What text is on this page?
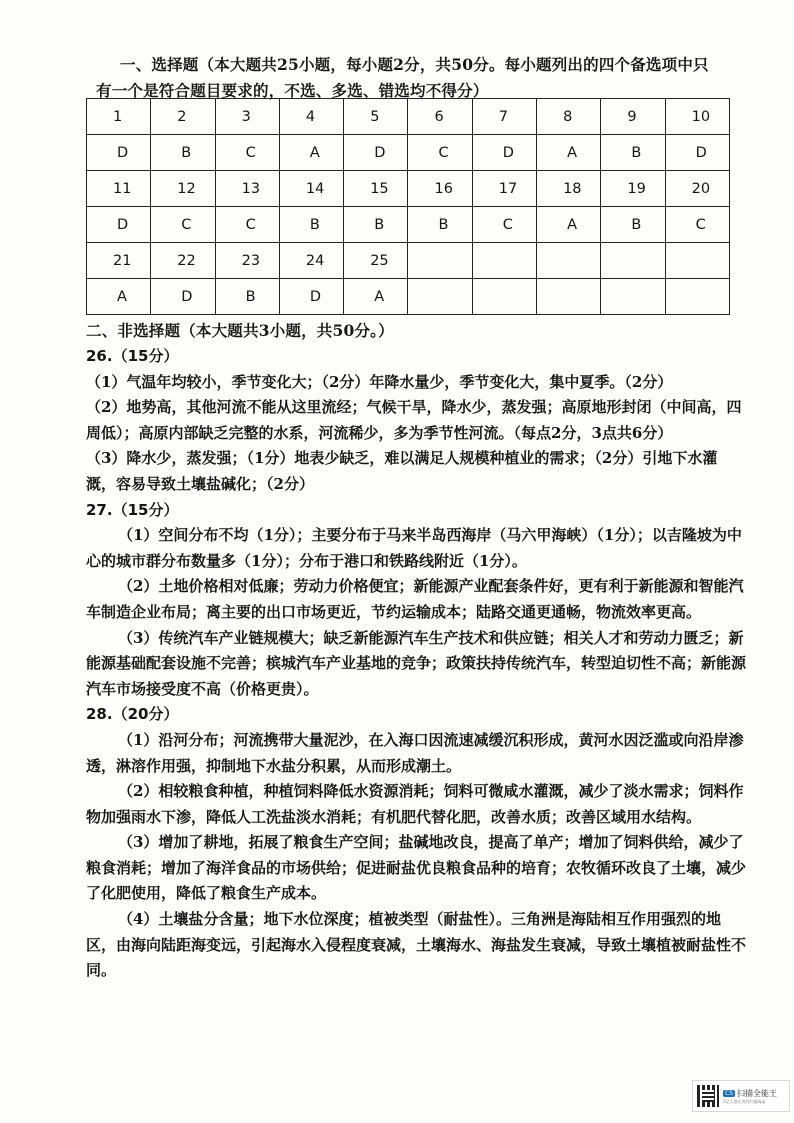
一、选择题（本大题共25小题，每小题2分，共50分。每小题列出的四个备选项中只
有一个是符合题目要求的，不选、多选、错选均不得分）
1	2	3	4	5	6	7	8	9	10
D	B	C	A	D	C	D	A	B	D
11	12	13	14	15	16	17	18	19	20
D	C	C	B	B	B	C	A	B	C
21	22	23	24	25					
A	D	B	D	A					
二、非选择题（本大题共3小题，共50分。）

26.（15分）

（1）气温年均较小，季节变化大；（2分）年降水量少，季节变化大，集中夏季。（2分）

（2）地势高，其他河流不能从这里流经；气候干旱，降水少，蒸发强；高原地形封闭（中间高，四周低）；高原内部缺乏完整的水系，河流稀少，多为季节性河流。（每点2分，3点共6分）

（3）降水少，蒸发强；（1分）地表少缺乏，难以满足人规模种植业的需求；（2分）引地下水灌溉，容易导致土壤盐碱化；（2分）

27.（15分）

（1）空间分布不均（1分）；主要分布于马来半岛西海岸（马六甲海峡）（1分）；以吉隆坡为中心的城市群分布数量多（1分）；分布于港口和铁路线附近（1分）。

（2）土地价格相对低廉；劳动力价格便宜；新能源产业配套条件好，更有利于新能源和智能汽车制造企业布局；离主要的出口市场更近，节约运输成本；陆路交通更通畅，物流效率更高。

（3）传统汽车产业链规模大；缺乏新能源汽车生产技术和供应链；相关人才和劳动力匮乏；新能源基础配套设施不完善；槟城汽车产业基地的竞争；政策扶持传统汽车，转型迫切性不高；新能源汽车市场接受度不高（价格更贵）。

28.（20分）

（1）沿河分布；河流携带大量泥沙，在入海口因流速减缓沉积形成，黄河水因泛滥或向沿岸渗透，淋溶作用强，抑制地下水盐分积累，从而形成潮土。

（2）相较粮食种植，种植饲料降低水资源消耗；饲料可微咸水灌溉，减少了淡水需求；饲料作物加强雨水下渗，降低人工洗盐淡水消耗；有机肥代替化肥，改善水质；改善区域用水结构。

（3）增加了耕地，拓展了粮食生产空间；盐碱地改良，提高了单产；增加了饲料供给，减少了粮食消耗；增加了海洋食品的市场供给；促进耐盐优良粮食品种的培育；农牧循环改良了土壤，减少了化肥使用，降低了粮食生产成本。

（4）土壤盐分含量；地下水位深度；植被类型（耐盐性）。三角洲是海陆相互作用强烈的地区，由海向陆距海变远，引起海水入侵程度衰减，土壤海水、海盐发生衰减，导致土壤植被耐盐性不同。

CS 扫描全能王
3亿人都在用的扫描App
